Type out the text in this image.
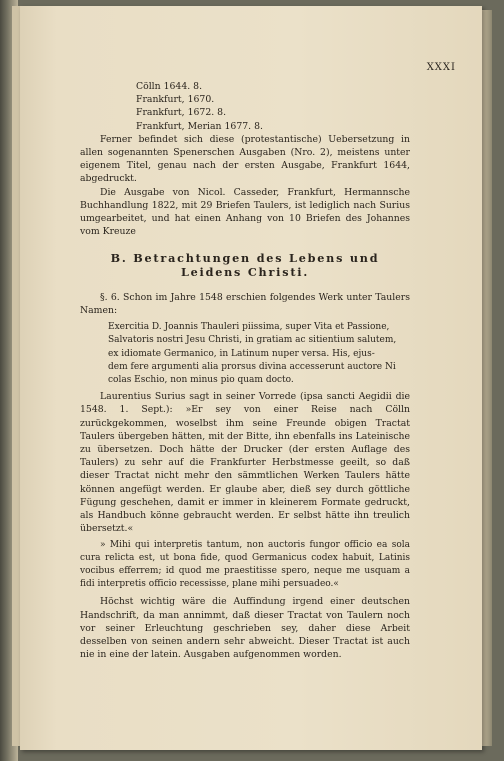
XXXI
Cölln 1644. 8.
Frankfurt, 1670.
Frankfurt, 1672. 8.
Frankfurt, Merian 1677. 8.

Ferner befindet sich diese (protestantische) Uebersetzung in allen sogenannten Spenerschen Ausgaben (Nro. 2), meistens unter eigenem Titel, genau nach der ersten Ausgabe, Frankfurt 1644, abgedruckt.

Die Ausgabe von Nicol. Casseder, Frankfurt, Hermannsche Buchhandlung 1822, mit 29 Briefen Taulers, ist lediglich nach Surius umgearbeitet, und hat einen Anhang von 10 Briefen des Johannes vom Kreuze

B. Betrachtungen des Lebens und Leidens Christi.

§. 6. Schon im Jahre 1548 erschien folgendes Werk unter Taulers Namen:

Exercitia D. Joannis Thauleri piissima, super Vita et Passione,
Salvatoris nostri Jesu Christi, in gratiam ac sitientium salutem,
ex idiomate Germanico, in Latinum nuper versa. His, ejus-
dem fere argumenti alia prorsus divina accesserunt auctore Ni
colas Eschio, non minus pio quam docto.

Laurentius Surius sagt in seiner Vorrede (ipsa sancti Aegidii die 1548. 1. Sept.): »Er sey von einer Reise nach Cölln zurückgekommen, woselbst ihm seine Freunde obigen Tractat Taulers übergeben hätten, mit der Bitte, ihn ebenfalls ins Lateinische zu übersetzen. Doch hätte der Drucker (der ersten Auflage des Taulers) zu sehr auf die Frankfurter Herbstmesse geeilt, so daß dieser Tractat nicht mehr den sämmtlichen Werken Taulers hätte können angefügt werden. Er glaube aber, dieß sey durch göttliche Fügung geschehen, damit er immer in kleinerem Formate gedruckt, als Handbuch könne gebraucht werden. Er selbst hätte ihn treulich übersetzt.«

» Mihi qui interpretis tantum, non auctoris fungor officio ea sola cura relicta est, ut bona fide, quod Germanicus codex habuit, Latinis vocibus efferrem; id quod me praestitisse spero, neque me usquam a fidi interpretis officio recessisse, plane mihi persuadeo.«

Höchst wichtig wäre die Auffindung irgend einer deutschen Handschrift, da man annimmt, daß dieser Tractat von Taulern noch vor seiner Erleuchtung geschrieben sey, daher diese Arbeit desselben von seinen andern sehr abweicht. Dieser Tractat ist auch nie in eine der latein. Ausgaben aufgenommen worden.
